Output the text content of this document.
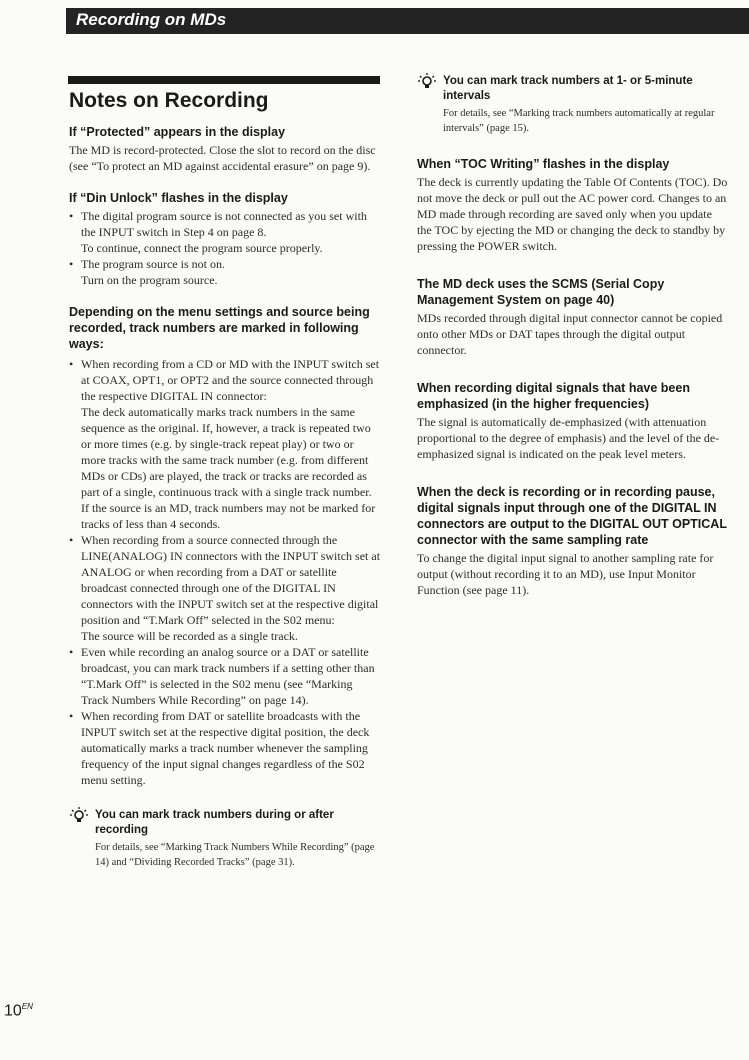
Recording on MDs
Notes on Recording
If “Protected” appears in the display

The MD is record-protected. Close the slot to record on the disc (see “To protect an MD against accidental erasure” on page 9).

If “Din Unlock” flashes in the display
• The digital program source is not connected as you set with the INPUT switch in Step 4 on page 8.
To continue, connect the program source properly.
• The program source is not on.
Turn on the program source.
Depending on the menu settings and source being recorded, track numbers are marked in following ways:
• When recording from a CD or MD with the INPUT switch set at COAX, OPT1, or OPT2 and the source connected through the respective DIGITAL IN connector:
The deck automatically marks track numbers in the same sequence as the original. If, however, a track is repeated two or more times (e.g. by single-track repeat play) or two or more tracks with the same track number (e.g. from different MDs or CDs) are played, the track or tracks are recorded as part of a single, continuous track with a single track number. If the source is an MD, track numbers may not be marked for tracks of less than 4 seconds.
• When recording from a source connected through the LINE(ANALOG) IN connectors with the INPUT switch set at ANALOG or when recording from a DAT or satellite broadcast connected through one of the DIGITAL IN connectors with the INPUT switch set at the respective digital position and “T.Mark Off” selected in the S02 menu:
The source will be recorded as a single track.
• Even while recording an analog source or a DAT or satellite broadcast, you can mark track numbers if a setting other than “T.Mark Off” is selected in the S02 menu (see “Marking Track Numbers While Recording” on page 14).
• When recording from DAT or satellite broadcasts with the INPUT switch set at the respective digital position, the deck automatically marks a track number whenever the sampling frequency of the input signal changes regardless of the S02 menu setting.
You can mark track numbers during or after recording

For details, see “Marking Track Numbers While Recording” (page 14) and “Dividing Recorded Tracks” (page 31).

You can mark track numbers at 1- or 5-minute intervals

For details, see “Marking track numbers automatically at regular intervals” (page 15).

When “TOC Writing” flashes in the display

The deck is currently updating the Table Of Contents (TOC). Do not move the deck or pull out the AC power cord. Changes to an MD made through recording are saved only when you update the TOC by ejecting the MD or changing the deck to standby by pressing the POWER switch.

The MD deck uses the SCMS (Serial Copy Management System on page 40)

MDs recorded through digital input connector cannot be copied onto other MDs or DAT tapes through the digital output connector.

When recording digital signals that have been emphasized (in the higher frequencies)

The signal is automatically de-emphasized (with attenuation proportional to the degree of emphasis) and the level of the de-emphasized signal is indicated on the peak level meters.

When the deck is recording or in recording pause, digital signals input through one of the DIGITAL IN connectors are output to the DIGITAL OUT OPTICAL connector with the same sampling rate

To change the digital input signal to another sampling rate for output (without recording it to an MD), use Input Monitor Function (see page 11).

$10^{EN}$
